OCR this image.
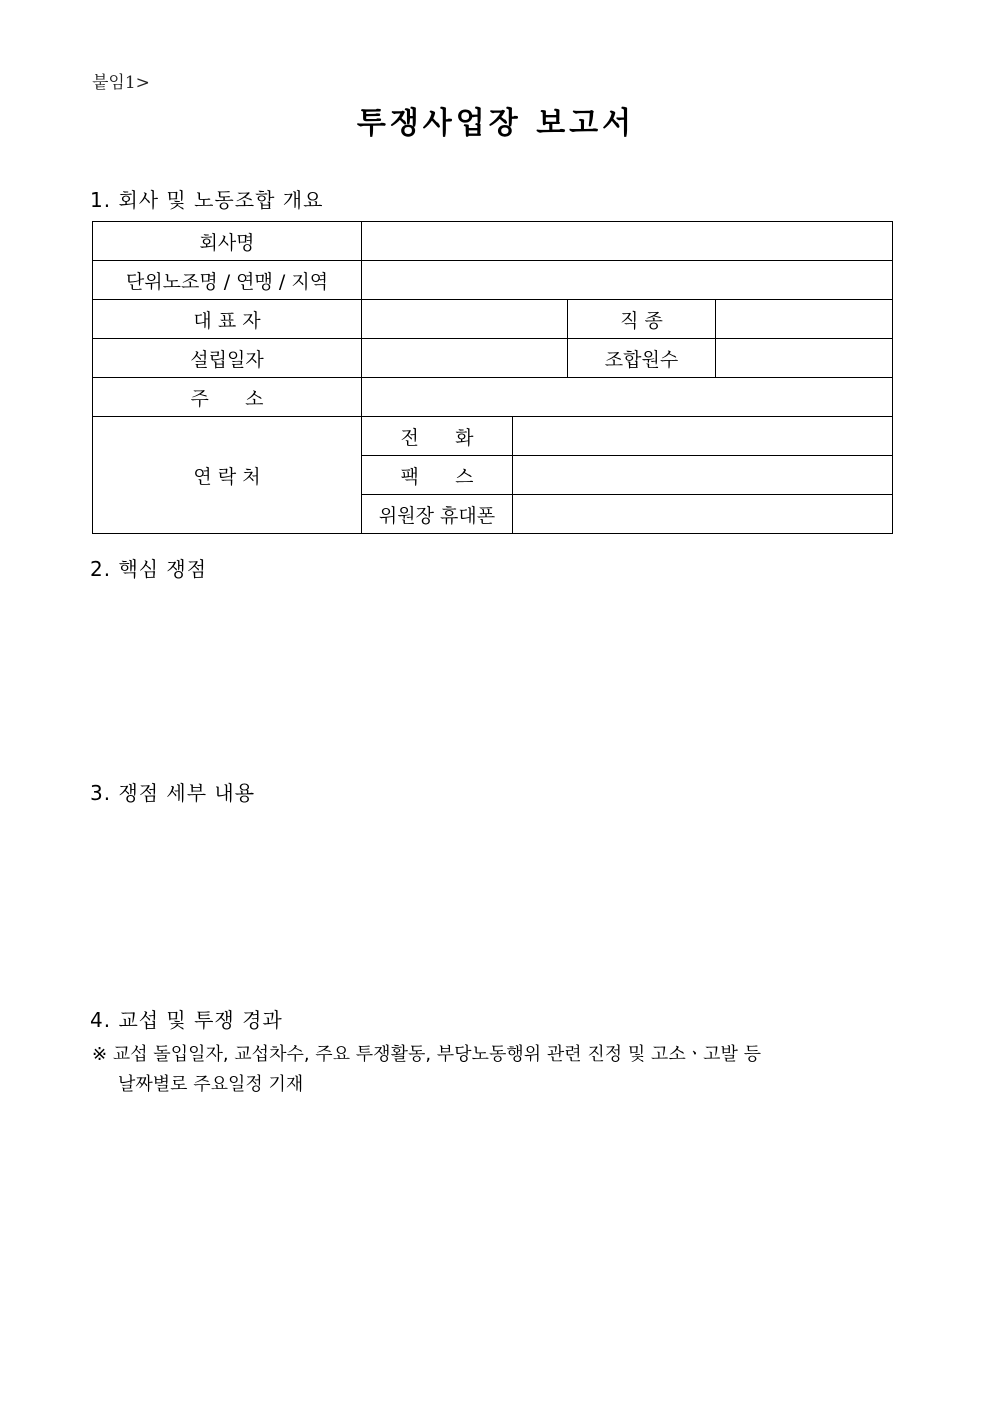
붙임1>
투쟁사업장 보고서
1. 회사 및 노동조합 개요
회사명				
단위노조명 / 연맹 / 지역				
대 표 자			직 종	
설립일자			조합원수	
주      소				
연 락 처	전      화			
	팩      스			
	위원장 휴대폰			
2. 핵심 쟁점
3. 쟁점 세부 내용
4. 교섭 및 투쟁 경과
※ 교섭 돌입일자, 교섭차수, 주요 투쟁활동, 부당노동행위 관련 진정 및 고소ㆍ고발 등
날짜별로 주요일정 기재
